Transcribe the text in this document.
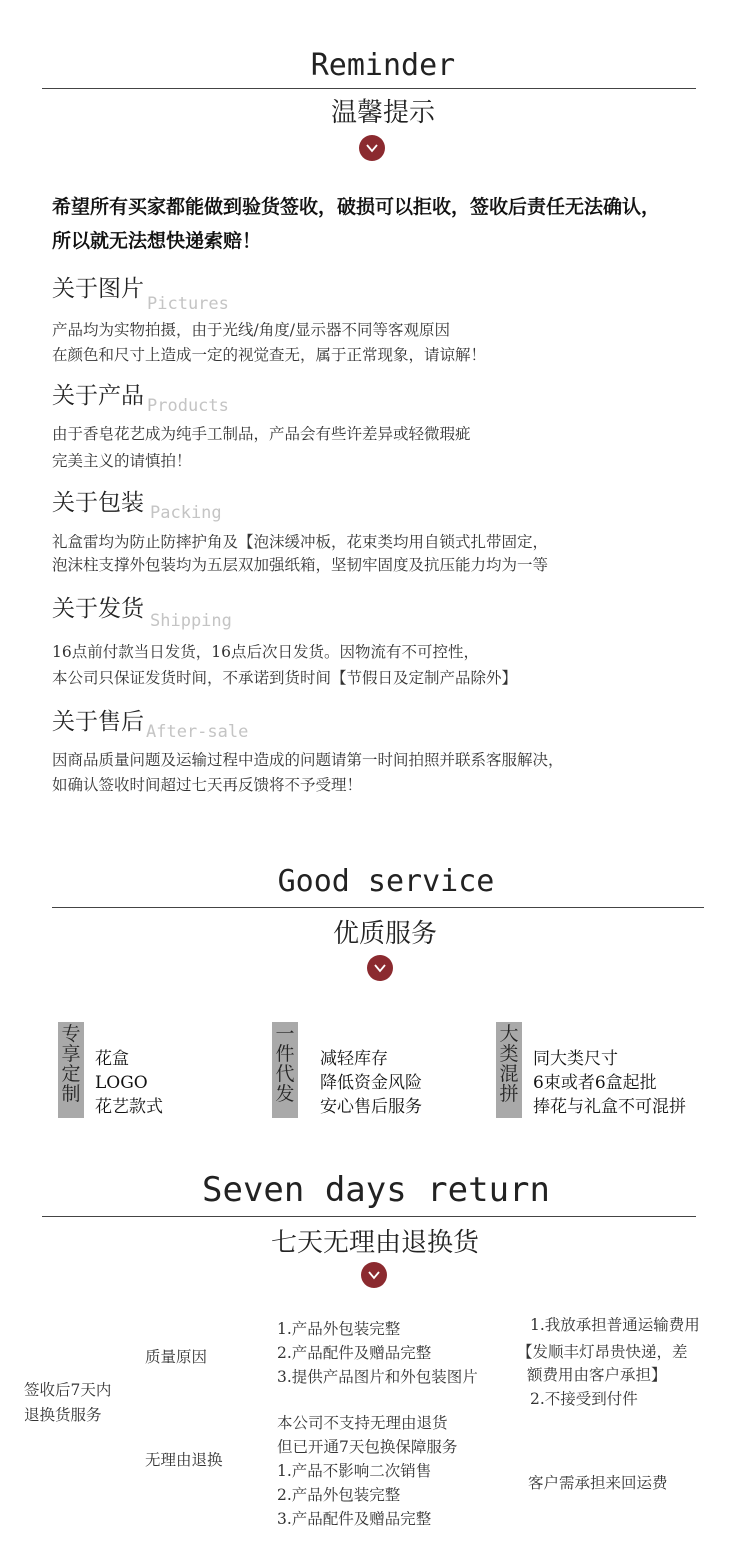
Reminder
温馨提示
希望所有买家都能做到验货签收，破损可以拒收，签收后责任无法确认，
所以就无法想快递索赔！
关于图片
Pictures
产品均为实物拍摄，由于光线/角度/显示器不同等客观原因
在颜色和尺寸上造成一定的视觉查无，属于正常现象，请谅解！
关于产品 Products
由于香皂花艺成为纯手工制品，产品会有些许差异或轻微瑕疵
完美主义的请慎拍！
关于包装 Packing
礼盒雷均为防止防摔护角及【泡沫缓冲板，花束类均用自锁式扎带固定，
泡沫柱支撑外包装均为五层双加强纸箱，坚韧牢固度及抗压能力均为一等
关于发货 Shipping
16点前付款当日发货，16点后次日发货。因物流有不可控性，
本公司只保证发货时间，不承诺到货时间【节假日及定制产品除外】
关于售后 After-sale
因商品质量问题及运输过程中造成的问题请第一时间拍照并联系客服解决，
如确认签收时间超过七天再反馈将不予受理！
Good service
优质服务
专享定制
花盒
LOGO
花艺款式
一件代发
减轻库存
降低资金风险
安心售后服务
大类混拼
同大类尺寸
6束或者6盒起批
捧花与礼盒不可混拼
Seven days return
七天无理由退换货
签收后7天内
退换货服务
质量原因
1.产品外包装完整
2.产品配件及赠品完整
3.提供产品图片和外包装图片
1.我放承担普通运输费用
【发顺丰灯昂贵快递，差
额费用由客户承担】
2.不接受到付件
无理由退换
本公司不支持无理由退货
但已开通7天包换保障服务
1.产品不影响二次销售
2.产品外包装完整
3.产品配件及赠品完整
客户需承担来回运费
